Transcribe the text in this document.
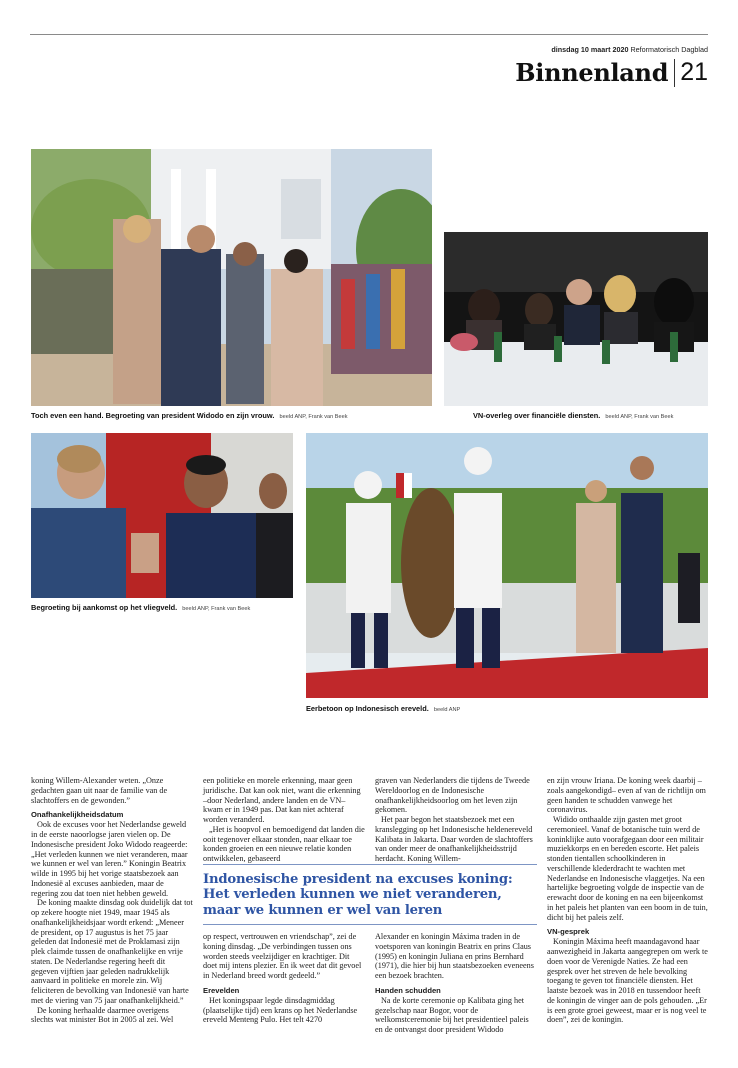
dinsdag 10 maart 2020 Reformatorisch Dagblad
Binnenland 21
Toch even een hand. Begroeting van president Widodo en zijn vrouw. beeld ANP, Frank van Beek	VN-overleg over financiële diensten. beeld ANP, Frank van Beek
Begroeting bij aankomst op het vliegveld. beeld ANP, Frank van Beek
Eerbetoon op Indonesisch ereveld. beeld ANP

koning Willem-Alexander weten. „Onze gedachten gaan uit naar de familie van de slachtoffers en de gewonden.”

Onafhankelijkheidsdatum

Ook de excuses voor het Nederlandse geweld in de eerste naoorlogse jaren vielen op. De Indonesische president Joko Widodo reageerde: „Het verleden kunnen we niet veranderen, maar we kunnen er wel van leren.” Koningin Beatrix wilde in 1995 bij het vorige staatsbezoek aan Indonesië al excuses aanbieden, maar de regering zou dat toen niet hebben geweld.

De koning maakte dinsdag ook duidelijk dat tot op zekere hoogte niet 1949, maar 1945 als onafhankelijkheidsjaar wordt erkend: „Meneer de president, op 17 augustus is het 75 jaar geleden dat Indonesië met de Proklamasi zijn plek claimde tussen de onafhankelijke en vrije staten. De Nederlandse regering heeft dit gegeven vijftien jaar geleden nadrukkelijk aanvaard in politieke en morele zin. Wij feliciteren de bevolking van Indonesië van harte met de viering van 75 jaar onafhankelijkheid.”

De koning herhaalde daarmee overigens slechts wat minister Bot in 2005 al zei. Wel

een politieke en morele erkenning, maar geen juridische. Dat kan ook niet, want die erkenning –door Nederland, andere landen en de VN– kwam er in 1949 pas. Dat kan niet achteraf worden veranderd.

„Het is hoopvol en bemoedigend dat landen die ooit tegenover elkaar stonden, naar elkaar toe konden groeien en een nieuwe relatie konden ontwikkelen, gebaseerd

graven van Nederlanders die tijdens de Tweede Wereldoorlog en de Indonesische onafhankelijkheidsoorlog om het leven zijn gekomen.

Het paar begon het staatsbezoek met een kranslegging op het Indonesische heldenereveld Kalibata in Jakarta. Daar worden de slachtoffers van onder meer de onafhankelijkheidsstrijd herdacht. Koning Willem-

Indonesische president na excuses koning:
Het verleden kunnen we niet veranderen,
maar we kunnen er wel van leren

op respect, vertrouwen en vriendschap”, zei de koning dinsdag. „De verbindingen tussen ons worden steeds veelzijdiger en krachtiger. Dit doet mij intens plezier. En ik weet dat dit gevoel in Nederland breed wordt gedeeld.”

Erevelden

Het koningspaar legde dinsdagmiddag (plaatselijke tijd) een krans op het Nederlandse ereveld Menteng Pulo. Het telt 4270

Alexander en koningin Máxima traden in de voetsporen van koningin Beatrix en prins Claus (1995) en koningin Juliana en prins Bernhard (1971), die hier bij hun staatsbezoeken eveneens een bezoek brachten.

Handen schudden

Na de korte ceremonie op Kalibata ging het gezelschap naar Bogor, voor de welkomstceremonie bij het presidentieel paleis en de ontvangst door president Widodo

en zijn vrouw Iriana. De koning week daarbij –zoals aangekondigd– even af van de richtlijn om geen handen te schudden vanwege het coronavirus.

Widido onthaalde zijn gasten met groot ceremonieel. Vanaf de botanische tuin werd de koninklijke auto voorafgegaan door een militair muziekkorps en en bereden escorte. Het paleis stonden tientallen schoolkinderen in verschillende klederdracht te wachten met Nederlandse en Indonesische vlaggetjes. Na een hartelijke begroeting volgde de inspectie van de erewacht door de koning en na een bijeenkomst in het paleis het planten van een boom in de tuin, dicht bij het paleis zelf.

VN-gesprek

Koningin Máxima heeft maandagavond haar aanwezigheid in Jakarta aangegrepen om werk te doen voor de Verenigde Naties. Ze had een gesprek over het streven de hele bevolking toegang te geven tot financiële diensten. Het laatste bezoek was in 2018 en tussendoor heeft de koningin de vinger aan de pols gehouden. „Er is een grote groei geweest, maar er is nog veel te doen”, zei de koningin.
